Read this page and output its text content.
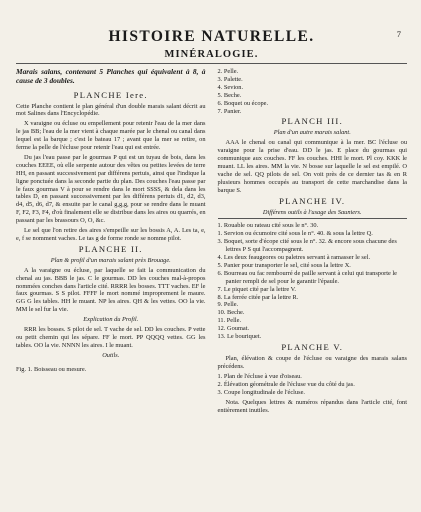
HISTOIRE NATURELLE.	7
MINÉRALOGIE.

Marais salans, contenant 5 Planches qui équivalent à 8, à cause de 3 doubles.

PLANCHE Iere.

Cette Planche contient le plan général d'un double marais salant décrit au mot Salines dans l'Encyclopédie.

X varaigne ou écluse ou empellement pour retenir l'eau de la mer dans le jas BB; l'eau de la mer vient à chaque marée par le chenal ou canal dans lequel est la barque ; c'est le bateau 17 ; avant que la mer se retire, on ferme la pelle de l'écluse pour retenir l'eau qui est entrée.

Du jas l'eau passe par le gourmas P qui est un tuyau de bois, dans les couches EEEE, où elle serpente autour des vêtes ou petites levées de terre HH, en passant successivement par différens pertuis, ainsi que l'indique la ligne ponctuée dans la seconde partie du plan. Des couches l'eau passe par le faux gourmas V à pour se rendre dans le mort SSSS, & dela dans les tables D, en passant successivement par les différens pertuis d1, d2, d3, d4, d5, d6, d7, & ensuite par le canal g,g,g, pour se rendre dans le muant F, F2, F3, F4, d'où finalement elle se distribue dans les aires ou quarrés, en passant par les brassours O, O, &c.

Le sel que l'on retire des aires s'empeille sur les bossis A, A. Les ta, e, e, f se nomment vaches. Le tas g de forme ronde se nomme pilot.

PLANCHE II.
Plan & profil d'un marais salant près Brouage.

A la varaigne ou écluse, par laquelle se fait la communication du chenal au jas. BBB le jas. C le gourmas. DD les couches mal-à-propos nommées conches dans l'article cité. RRRR les bosses. TTT vaches. EF le faux gourmas. S S pilot. FFFF le mort nommé improprement le maure. GG G les tables. HH le muant. NP les aires. QH & les vettes. OO la vie. MM le sel fur la vie.

Explication du Profil.

RRR les bosses. S pilot de sel. T vache de sel. DD les couches. P vette ou petit chemin qui les sépare. FF le mort. PP QQQQ vettes. GG les tables. OO la vie. NNNN les aires. I le muant.

Outils.

Fig. 1. Boisseau ou mesure.

2. Pelle.
3. Palette.
4. Sevion.
5. Beche.
6. Boquet ou écope.
7. Panier.
PLANCH III.
Plan d'un autre marais salant.

AAA le chenal ou canal qui communique à la mer. BC l'écluse ou varaigne pour la prise d'eau. DD le jas. E place du gourmas qui communique aux couches. FF les couches. HHI le mort. Pl coy. KKK le muant. LL les aires. MM la vie. N bosse sur laquelle le sel est empilé. O vache de sel. QQ pilots de sel. On voit près de ce dernier tas & en R plusieurs hommes occupés au transport de cette marchandise dans la barque S.

PLANCHE IV.
Différens outils à l'usage des Sauniers.
1. Rouable ou rateau cité sous le n°. 30.
1. Servion ou écumoire cité sous le n°. 40. & sous la lettre Q.
3. Boquet, sorte d'écope cité sous le n°. 32. & encore sous chacune des lettres P S qui l'accompagnent.
4. Les deux feaugeores ou paletres servant à ramasser le sel.
5. Panier pour transporter le sel, cité sous la lettre X.
6. Bourreau ou fac rembourré de paille servant à celui qui transporte le panier rempli de sel pour le garantir l'épaule.
7. Le piquet cité par la lettre V.
8. La ferrée citée par la lettre R.
9. Pelle.
10. Beche.
11. Pelle.
12. Goumat.
13. Le bouriquet.
PLANCHE V.

Plan, élévation & coupe de l'écluse ou varaigne des marais salans précédens.

1. Plan de l'écluse à vue d'oiseau.
2. Élévation géométrale de l'écluse vue du côté du jas.
3. Coupe longitudinale de l'écluse.

Nota. Quelques lettres & numéros répandus dans l'article cité, font entièrement inutiles.
